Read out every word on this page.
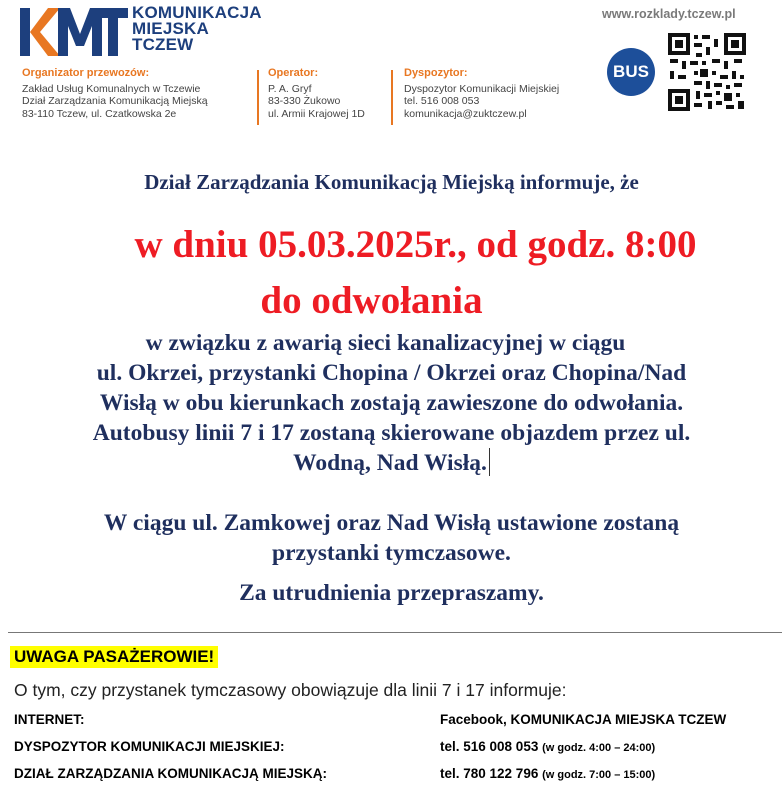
KOMUNIKACJA
MIEJSKA
TCZEW
Organizator przewozów:
Zakład Usług Komunalnych w Tczewie
Dział Zarządzania Komunikacją Miejską
83-110 Tczew, ul. Czatkowska 2e
Operator:
P. A. Gryf
83-330 Żukowo
ul. Armii Krajowej 1D
Dyspozytor:
Dyspozytor Komunikacji Miejskiej
tel. 516 008 053
komunikacja@zuktczew.pl
www.rozklady.tczew.pl
BUS
Dział Zarządzania Komunikacją Miejską informuje, że
w dniu 05.03.2025r., od godz. 8:00
do odwołania
w związku z awarią sieci kanalizacyjnej w ciągu
ul. Okrzei, przystanki Chopina / Okrzei oraz Chopina/Nad
Wisłą w obu kierunkach zostają zawieszone do odwołania.
Autobusy linii 7 i 17 zostaną skierowane objazdem przez ul.
Wodną, Nad Wisłą.
W ciągu ul. Zamkowej oraz Nad Wisłą ustawione zostaną
przystanki tymczasowe.
Za utrudnienia przepraszamy.
UWAGA PASAŻEROWIE!
O tym, czy przystanek tymczasowy obowiązuje dla linii 7 i 17 informuje:
INTERNET:	Facebook, KOMUNIKACJA MIEJSKA TCZEW
DYSPOZYTOR KOMUNIKACJI MIEJSKIEJ:	tel. 516 008 053 (w godz. 4:00 – 24:00)
DZIAŁ ZARZĄDZANIA KOMUNIKACJĄ MIEJSKĄ:	tel. 780 122 796 (w godz. 7:00 – 15:00)
